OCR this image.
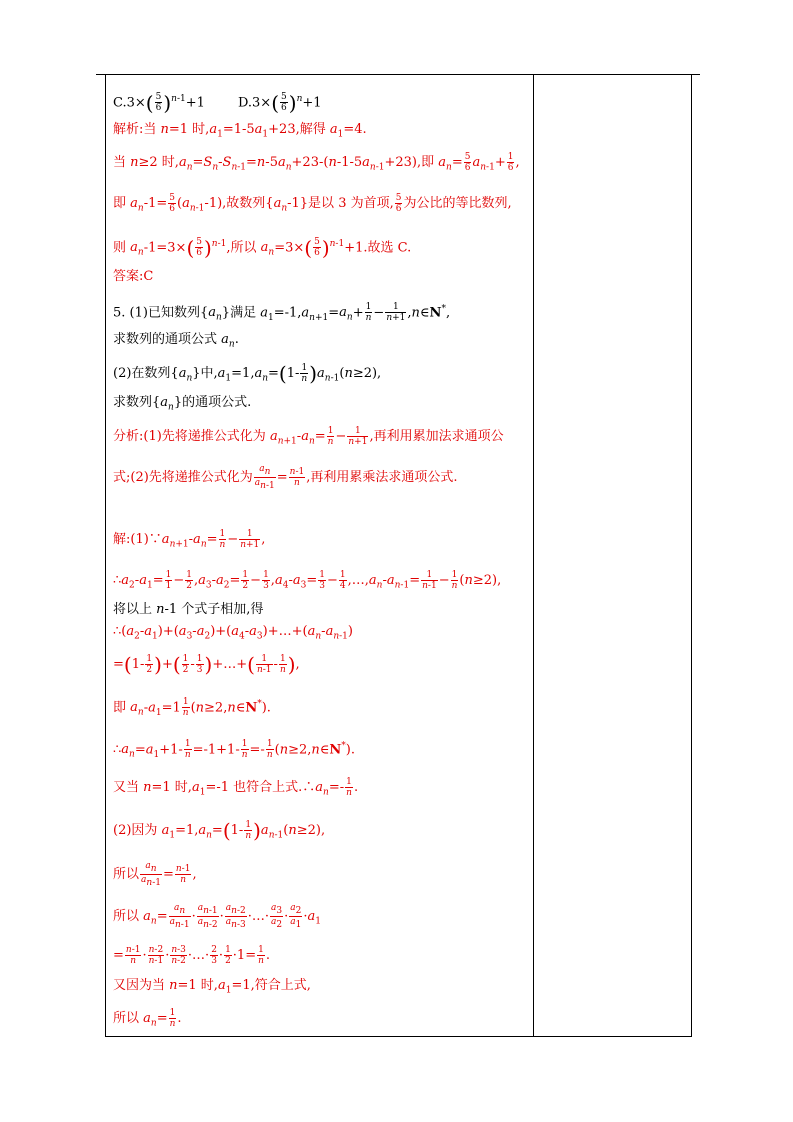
$C.3\times( \frac{5}{6} )^{n-1}+1$        $D.3\times( \frac{5}{6} )^n+1$
解析:当 n=1 时$,a_1=1-5a_1+23$,解得 $a_1=4$.
当 n≥2 时$,a_n=S_n-S_{n-1}=n-5a_n+23-(n-1-5a_{n-1}+23)$,即 $a_n= \frac{5}{6} a_{n-1}+ \frac{1}{6}$ ,
即 $a_n-1= \frac{5}{6} (a_{n-1}-1)$,故数列$\{a_n-1\}$是以 3 为首项, $\frac{5}{6}$ 为公比的等比数列,
则 $a_n-1=3\times( \frac{5}{6} )^{n-1}$,所以 $a_n=3\times( \frac{5}{6} )^{n-1}+1$.故选 C.
答案:C
5. (1)已知数列$\{a_n\}$满足 $a_1=-1,a_{n+1}=a_n+ \frac{1}{n} - \frac{1}{n+1}$ ,n∈N*,
求数列的通项公式 $a_n$.
(2)在数列$\{a_n\}$中$,a_1=1,a_n=(1- \frac{1}{n} )a_{n-1}(n\ge 2)$,
求数列$\{a_n\}$的通项公式.
分析:(1)先将递推公式化为 $a_{n+1}-a_n= \frac{1}{n} - \frac{1}{n+1}$ ,再利用累加法求通项公
式;(2)先将递推公式化为 $\frac{a_n}{a_{n-1}} = \frac{n-1}{n}$ ,再利用累乘法求通项公式.
解$:(1)\because a_{n+1}-a_n= \frac{1}{n} - \frac{1}{n+1}$ ,
$\therefore a_2-a_1= \frac{1}{1} - \frac{1}{2} ,a_3-a_2= \frac{1}{2} - \frac{1}{3} ,a_4-a_3= \frac{1}{3} - \frac{1}{4}$ $,\dots,a_n-a_{n-1}= \frac{1}{n-1} - \frac{1}{n} (n\ge 2)$,
将以上 n-1 个式子相加,得
$\therefore(a_2-a_1)+(a_3-a_2)+(a_4-a_3)+\dots+(a_n-a_{n-1})$
$=(1- \frac{1}{2}$ )+( $\frac{1}{2} - \frac{1}{3}$ )+…+( $\frac{1}{n-1} - \frac{1}{n}$ ),
即 $a_n-a_1=1 \frac{1}{n}$ (n≥2,n∈N*).
$\therefore a_n=a_1+1- \frac{1}{n} =-1+1- \frac{1}{n} =- \frac{1}{n}$ (n≥2,n∈N*).
又当 n=1 时$,a_1=-1$ 也符合上式$.\therefore a_n=- \frac{1}{n}$ .
(2)因为 $a_1=1,a_n=(1- \frac{1}{n} )a_{n-1}(n\ge 2)$,
所以 $\frac{a_n}{a_{n-1}} = \frac{n-1}{n}$ ,
所以 $a_n= \frac{a_n}{a_{n-1}} \cdot \frac{a_{n-1}}{a_{n-2}} \cdot \frac{a_{n-2}}{a_{n-3}}$ ·…· $\frac{a_3}{a_2} \cdot \frac{a_2}{a_1} \cdot a_1$
= $\frac{n-1}{n} \cdot \frac{n-2}{n-1} \cdot \frac{n-3}{n-2}$ ·…· $\frac{2}{3} \cdot \frac{1}{2} \cdot 1= \frac{1}{n}$ .
又因为当 n=1 时$,a_1=1$,符合上式,
所以 $a_n= \frac{1}{n}$ .
